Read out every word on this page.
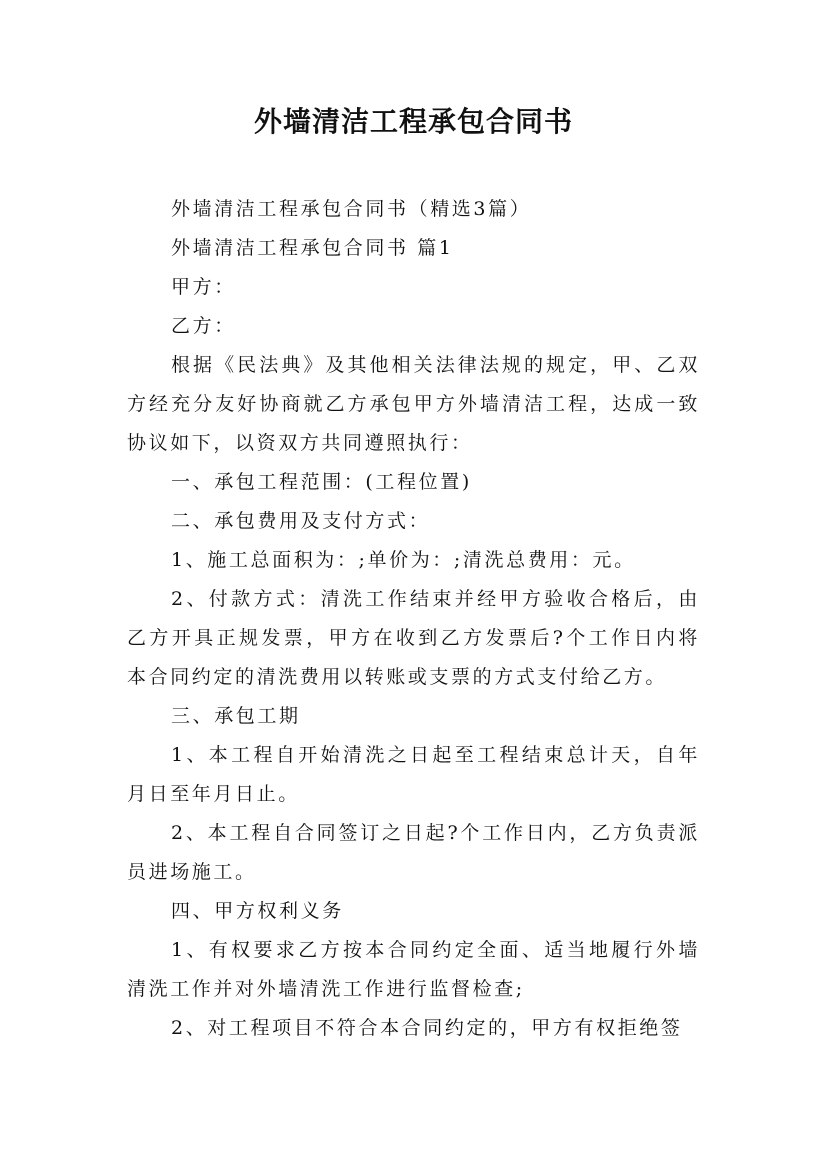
外墙清洁工程承包合同书

外墙清洁工程承包合同书（精选3篇）

外墙清洁工程承包合同书 篇1

甲方：

乙方：

根据《民法典》及其他相关法律法规的规定，甲、乙双方经充分友好协商就乙方承包甲方外墙清洁工程，达成一致协议如下，以资双方共同遵照执行：

一、承包工程范围：(工程位置)

二、承包费用及支付方式：

1、施工总面积为：;单价为：;清洗总费用：元。

2、付款方式：清洗工作结束并经甲方验收合格后，由乙方开具正规发票，甲方在收到乙方发票后?个工作日内将本合同约定的清洗费用以转账或支票的方式支付给乙方。

三、承包工期

1、本工程自开始清洗之日起至工程结束总计天，自年月日至年月日止。

2、本工程自合同签订之日起?个工作日内，乙方负责派员进场施工。

四、甲方权利义务

1、有权要求乙方按本合同约定全面、适当地履行外墙清洗工作并对外墙清洗工作进行监督检查;

2、对工程项目不符合本合同约定的，甲方有权拒绝签
